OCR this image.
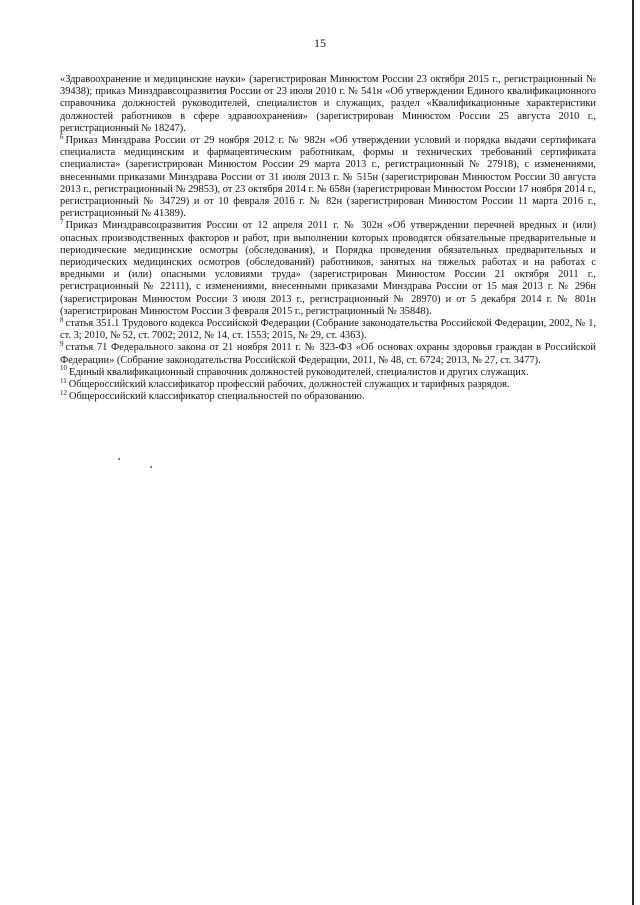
15

«Здравоохранение и медицинские науки» (зарегистрирован Минюстом России 23 октября 2015 г., регистрационный № 39438); приказ Минздравсоцразвития России от 23 июля 2010 г. № 541н «Об утверждении Единого квалификационного справочника должностей руководителей, специалистов и служащих, раздел «Квалификационные характеристики должностей работников в сфере здравоохранения» (зарегистрирован Минюстом России 25 августа 2010 г., регистрационный № 18247).

$^6$ Приказ Минздрава России от 29 ноября 2012 г. № 982н «Об утверждении условий и порядка выдачи сертификата специалиста медицинским и фармацевтическим работникам, формы и технических требований сертификата специалиста» (зарегистрирован Минюстом России 29 марта 2013 г., регистрационный № 27918), с изменениями, внесенными приказами Минздрава России от 31 июля 2013 г. № 515н (зарегистрирован Минюстом России 30 августа 2013 г., регистрационный № 29853), от 23 октября 2014 г. № 658н (зарегистрирован Минюстом России 17 ноября 2014 г., регистрационный № 34729) и от 10 февраля 2016 г. № 82н (зарегистрирован Минюстом России 11 марта 2016 г., регистрационный № 41389).

$^7$ Приказ Минздравсоцразвития России от 12 апреля 2011 г. № 302н «Об утверждении перечней вредных и (или) опасных производственных факторов и работ, при выполнении которых проводятся обязательные предварительные и периодические медицинские осмотры (обследования), и Порядка проведения обязательных предварительных и периодических медицинских осмотров (обследований) работников, занятых на тяжелых работах и на работах с вредными и (или) опасными условиями труда» (зарегистрирован Минюстом России 21 октября 2011 г., регистрационный № 22111), с изменениями, внесенными приказами Минздрава России от 15 мая 2013 г. № 296н (зарегистрирован Минюстом России 3 июля 2013 г., регистрационный № 28970) и от 5 декабря 2014 г. № 801н (зарегистрирован Минюстом России 3 февраля 2015 г., регистрационный № 35848).

$^8$ статья 351.1 Трудового кодекса Российской Федерации (Собрание законодательства Российской Федерации, 2002, № 1, ст. 3; 2010, № 52, ст. 7002; 2012, № 14, ст. 1553; 2015, № 29, ст. 4363).

$^9$ статья 71 Федерального закона от 21 ноября 2011 г. № 323-ФЗ «Об основах охраны здоровья граждан в Российской Федерации» (Собрание законодательства Российской Федерации, 2011, № 48, ст. 6724; 2013, № 27, ст. 3477).

$^{10}$ Единый квалификационный справочник должностей руководителей, специалистов и других служащих.

$^{11}$ Общероссийский классификатор профессий рабочих, должностей служащих и тарифных разрядов.

$^{12}$ Общероссийский классификатор специальностей по образованию.
